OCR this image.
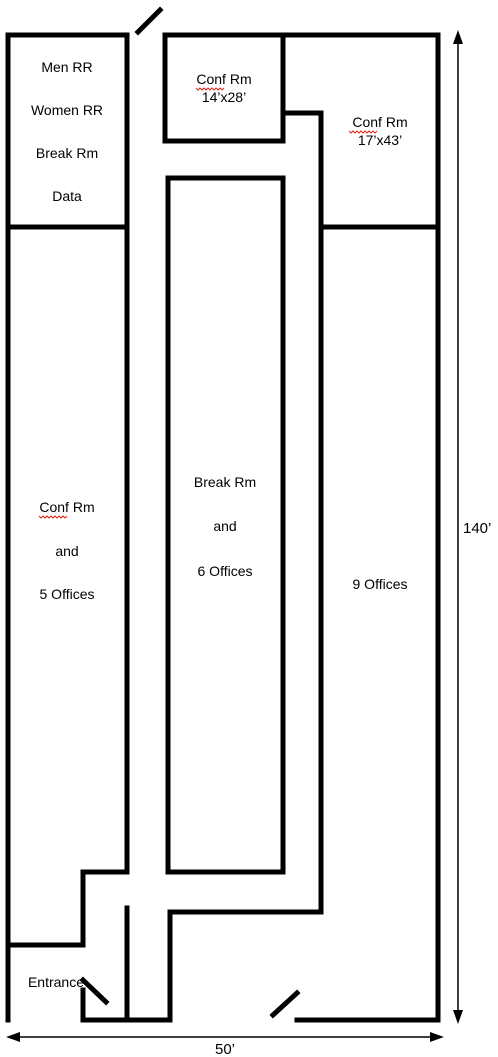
Men RR
Women RR
Break Rm
Data
Conf Rm
14’x28’
Conf Rm
17’x43’
Conf Rm
and
5 Offices
Break Rm
and
6 Offices
9 Offices
Entrance
140’
50’
